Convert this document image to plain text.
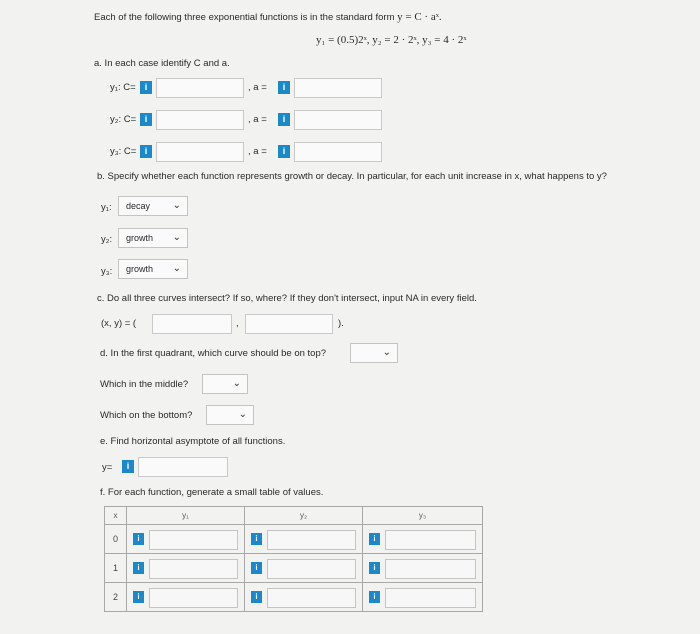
Each of the following three exponential functions is in the standard form y = C · aˣ.
y₁ = (0.5)2ˣ, y₂ = 2 · 2ˣ, y₃ = 4 · 2ˣ
a. In each case identify C and a.
y₁: C=	i	, a =	i
y₂: C= i	, a =	i
y₃: C= i	, a =	i
b. Specify whether each function represents growth or decay. In particular, for each unit increase in x, what happens to y?
y₁:	decay ⌄
y₂:	growth ⌄
y₃:	growth ⌄
c. Do all three curves intersect? If so, where? If they don't intersect, input NA in every field.
(x, y) = (	,	).
d. In the first quadrant, which curve should be on top?	⌄
Which in the middle?	⌄
Which on the bottom?	⌄
e. Find horizontal asymptote of all functions.
y=	i
f. For each function, generate a small table of values.
x	y₁	y₂	y₃
0	i	i	i

1	i	i	i

2	i	i	i
